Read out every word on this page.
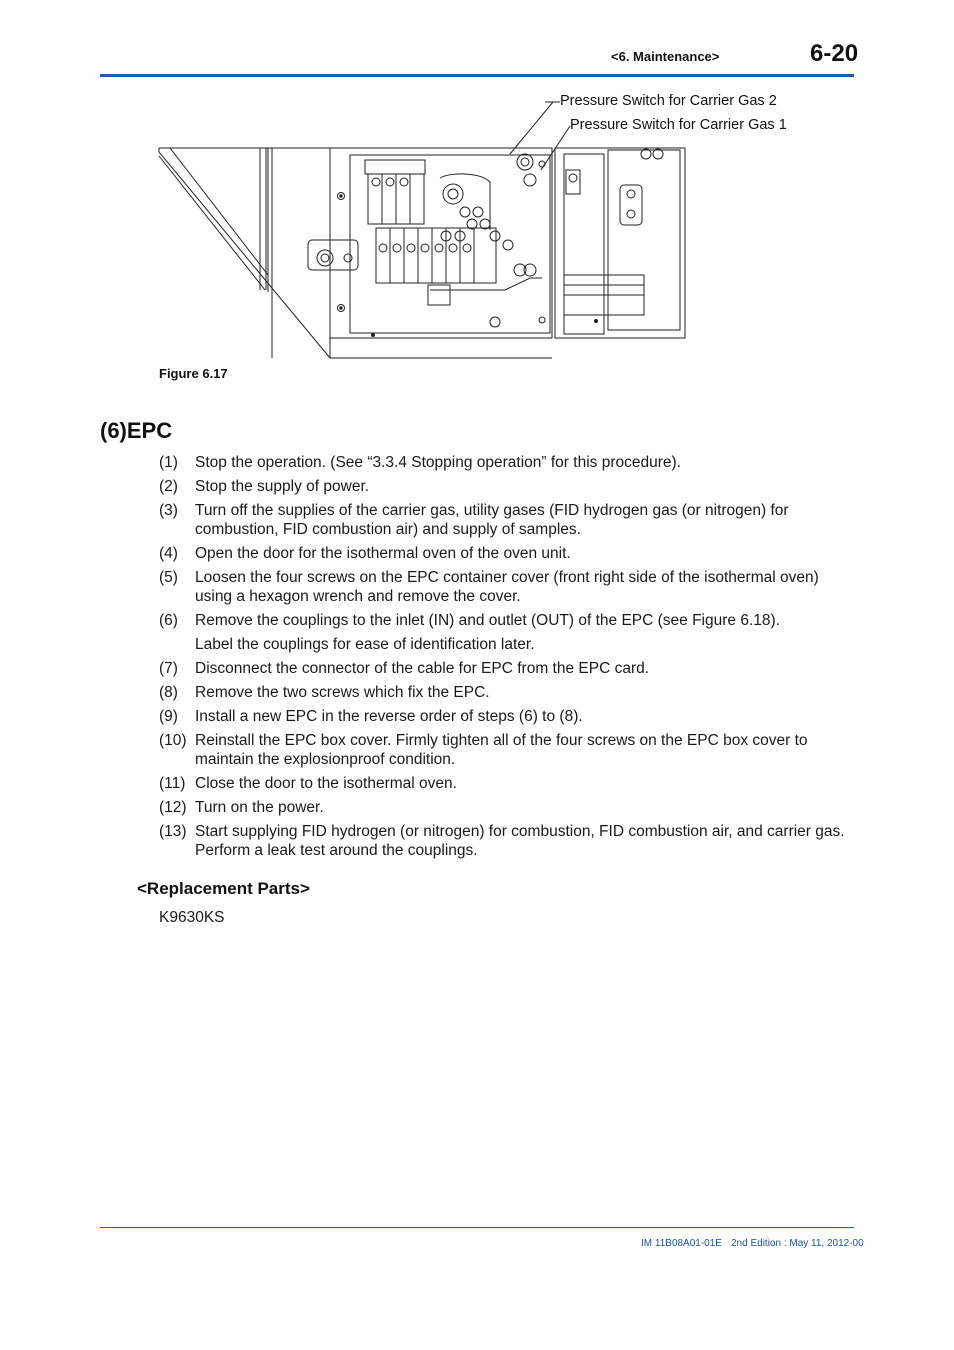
<6. Maintenance>	6-20
Pressure Switch for Carrier Gas 2
Pressure Switch for Carrier Gas 1
Figure 6.17
(6)EPC
(1)	Stop the operation. (See “3.3.4 Stopping operation” for this procedure).
(2)	Stop the supply of power.
(3)	Turn off the supplies of the carrier gas, utility gases (FID hydrogen gas (or nitrogen) for combustion, FID combustion air) and supply of samples.
(4)	Open the door for the isothermal oven of the oven unit.
(5)	Loosen the four screws on the EPC container cover (front right side of the isothermal oven) using a hexagon wrench and remove the cover.
(6)	Remove the couplings to the inlet (IN) and outlet (OUT) of the EPC (see Figure 6.18).
Label the couplings for ease of identification later.
(7)	Disconnect the connector of the cable for EPC from the EPC card.
(8)	Remove the two screws which fix the EPC.
(9)	Install a new EPC in the reverse order of steps (6) to (8).
(10) Reinstall the EPC box cover. Firmly tighten all of the four screws on the EPC box cover to maintain the explosionproof condition.
(11) Close the door to the isothermal oven.
(12) Turn on the power.
(13) Start supplying FID hydrogen (or nitrogen) for combustion, FID combustion air, and carrier gas. Perform a leak test around the couplings.
<Replacement Parts>
K9630KS
IM 11B08A01-01E 2nd Edition : May 11, 2012-00
